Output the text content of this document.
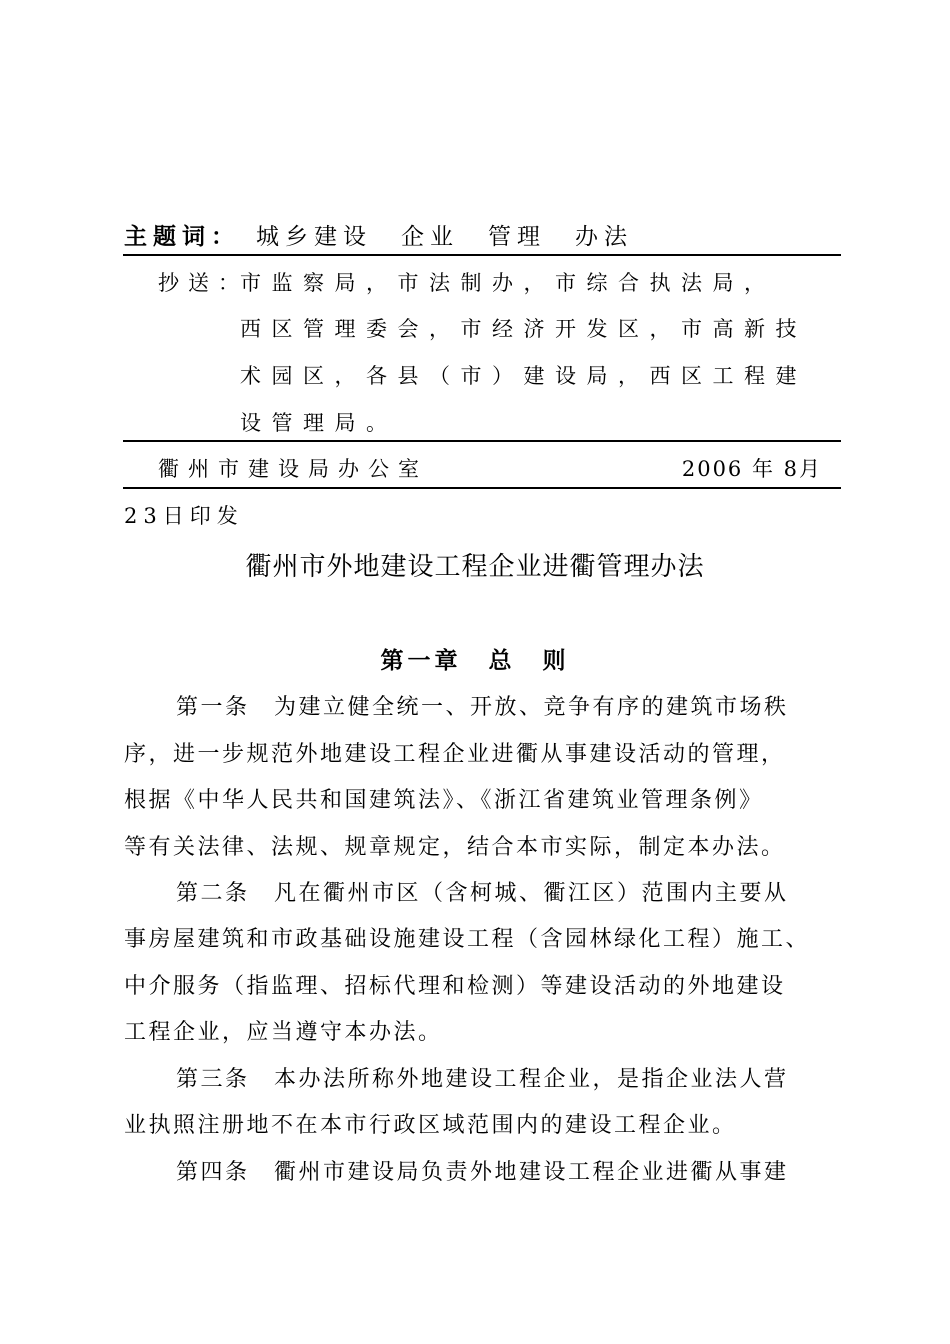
主题词： 城乡建设　企业　管理　办法
抄送：
市监察局，市法制办，市综合执法局，
西区管理委会，市经济开发区，市高新技
术园区，各县（市）建设局，西区工程建
设管理局。
衢州市建设局办公室	2006 年 8月
23日印发
衢州市外地建设工程企业进衢管理办法
第一章　总　则
第一条　为建立健全统一、开放、竞争有序的建筑市场秩
序，进一步规范外地建设工程企业进衢从事建设活动的管理，
根据《中华人民共和国建筑法》、《浙江省建筑业管理条例》
等有关法律、法规、规章规定，结合本市实际，制定本办法。
第二条　凡在衢州市区（含柯城、衢江区）范围内主要从
事房屋建筑和市政基础设施建设工程（含园林绿化工程）施工、
中介服务（指监理、招标代理和检测）等建设活动的外地建设
工程企业，应当遵守本办法。
第三条　本办法所称外地建设工程企业，是指企业法人营
业执照注册地不在本市行政区域范围内的建设工程企业。
第四条　衢州市建设局负责外地建设工程企业进衢从事建
